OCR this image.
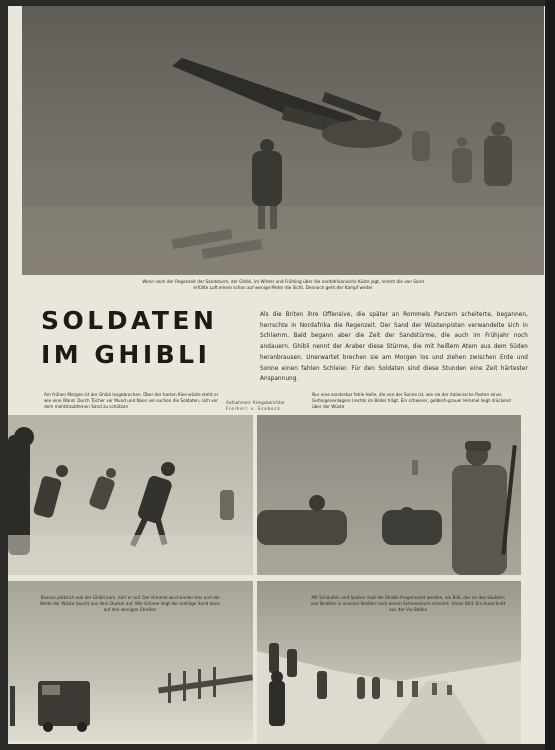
Wenn nach der Regenzeit der Sandsturm, der Ghibli, im Winter und Frühling über die nordafrikanische Küste jagt, nimmt die von Sand erfüllte Luft einem schon auf wenige Meter die Sicht. Dennoch geht der Kampf weiter
SOLDATEN
IM GHIBLI
Als die Briten ihre Offensive, die später an Rommels Panzern scheiterte, begannen, herrschte in Nordafrika die Regenzeit. Der Sand der Wüstenpisten verwandelte sich in Schlamm. Bald begann aber die Zeit der Sandstürme, die auch im Frühjahr noch andauern. Ghibli nennt der Araber diese Stürme, die mit heißem Atem aus dem Süden heranbrausen. Unerwartet brechen sie am Morgen los und ziehen zwischen Erde und Sonne einen fahlen Schleier. Für den Soldaten sind diese Stunden eine Zeit härtester Anspannung.
Am frühen Morgen ist der Ghibli losgebrochen. Über der harten Kies-wüste steht er wie eine Wand. Durch Tücher vor Mund und Nase ver-suchen die Soldaten, sich vor dem mehlstaubfeinen Sand zu schützen
Aufnahmen: Kriegsberichter
Freiherr v. Esebeck
Nur eine sonderbar fahle Helle, die von der Sonne ist, wie sie der italienische Posten eines Gefangenenlagers (rechts im Bilde) trägt. Ein schwerer, gelblich-grauer Himmel liegt drückend über der Wüste
Ebenso plötzlich wie der Ghibli kam, hört er auf. Der Himmel wird wieder klar und die Weite der Wüste taucht aus dem Dunkel auf. Wie Schnee liegt der mehlige Sand dann auf den wenigen Straßen
Mit Schaufeln und Spaten muß die Straße freigemacht werden, ein Bild, das an das Säubern von Straßen in unseren Breiten nach einem Schneesturm erinnert. Unser Bild: Ein Ausschnitt aus der Via Balbia
